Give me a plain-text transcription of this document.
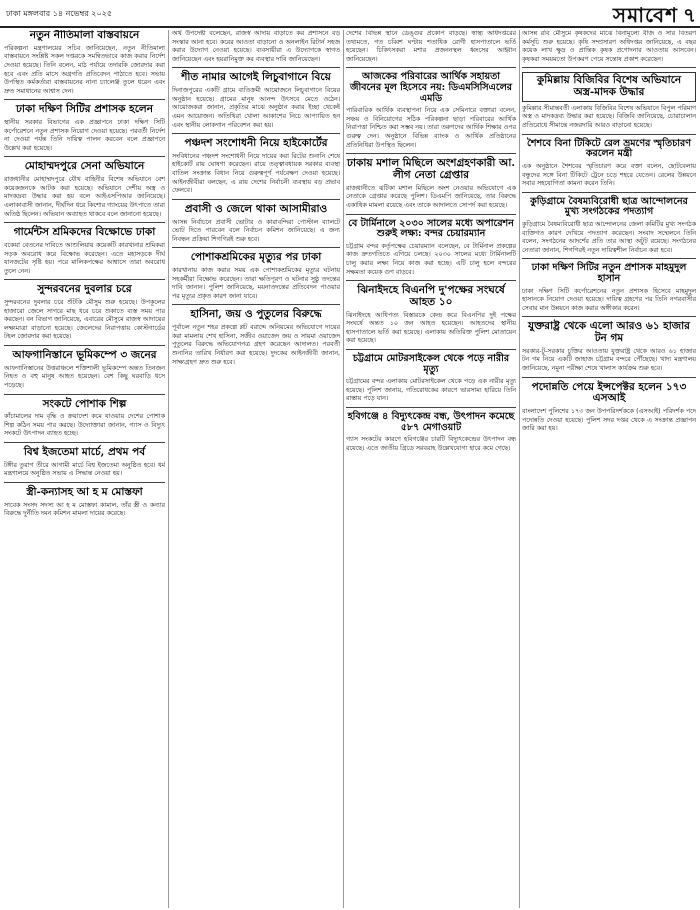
ঢাকা মঙ্গলবার ১৪ নভেম্বর ২০২৫	সমাবেশ ৭
নতুন নীতিমালা বাস্তবায়নে

পরিকল্পনা মন্ত্রণালয়ের সচিব জানিয়েছেন, নতুন নীতিমালা বাস্তবায়নে সংশ্লিষ্ট সকল দপ্তরকে সমন্বিতভাবে কাজ করার নির্দেশ দেওয়া হয়েছে। তিনি বলেন, মাঠ পর্যায়ে তদারকি জোরদার করা হবে এবং প্রতি মাসে অগ্রগতি প্রতিবেদন পাঠাতে হবে। সভায় উপস্থিত কর্মকর্তারা বাস্তবায়নের নানা চ্যালেঞ্জ তুলে ধরেন এবং দ্রুত সমাধানের আশ্বাস দেন।

ঢাকা দক্ষিণ সিটির প্রশাসক হলেন

স্থানীয় সরকার বিভাগের এক প্রজ্ঞাপনে ঢাকা দক্ষিণ সিটি কর্পোরেশনে নতুন প্রশাসক নিয়োগ দেওয়া হয়েছে। পরবর্তী নির্দেশ না দেওয়া পর্যন্ত তিনি দায়িত্ব পালন করবেন বলে প্রজ্ঞাপনে উল্লেখ করা হয়েছে।

মোহাম্মদপুরে সেনা অভিযানে

রাজধানীর মোহাম্মদপুরে যৌথ বাহিনীর বিশেষ অভিযানে বেশ কয়েকজনকে আটক করা হয়েছে। অভিযানে দেশীয় অস্ত্র ও মাদকদ্রব্য উদ্ধার করা হয় বলে আইএসপিআর জানিয়েছে। এলাকাবাসী জানান, দীর্ঘদিন ধরে কিশোর গ্যাংয়ের উৎপাতে তারা অতিষ্ঠ ছিলেন। অভিযান অব্যাহত থাকবে বলে জানানো হয়েছে।

গার্মেন্টস শ্রমিকদের বিক্ষোভে ঢাকা

বকেয়া বেতনের দাবিতে আশুলিয়ায় কয়েকটি কারখানার শ্রমিকরা সড়ক অবরোধ করে বিক্ষোভ করেছেন। এতে মহাসড়কে দীর্ঘ যানজটের সৃষ্টি হয়। পরে মালিকপক্ষের আশ্বাসে তারা অবরোধ তুলে নেন।

সুন্দরবনের দুবলার চরে

সুন্দরবনের দুবলার চরে শুঁটকি মৌসুম শুরু হয়েছে। উপকূলের হাজারো জেলে সাগরে মাছ ধরে চরে শুকাতে ব্যস্ত সময় পার করছেন। বন বিভাগ জানিয়েছে, এবারের মৌসুমে রাজস্ব আদায়ের লক্ষ্যমাত্রা বাড়ানো হয়েছে। জেলেদের নিরাপত্তায় কোস্টগার্ডের টহল জোরদার করা হয়েছে।

আফগানিস্তানে ভূমিকম্পে ৩ জনের

আফগানিস্তানের উত্তরাঞ্চলে শক্তিশালী ভূমিকম্পে অন্তত তিনজন নিহত ও বহু মানুষ আহত হয়েছেন। বেশ কিছু ঘরবাড়ি ধসে পড়েছে।

সংকটে পোশাক শিল্প

কাঁচামালের দাম বৃদ্ধি ও ক্রয়াদেশ কমে যাওয়ায় দেশের পোশাক শিল্প কঠিন সময় পার করছে। উদ্যোক্তারা জানান, গ্যাস ও বিদ্যুৎ সংকটে উৎপাদন ব্যাহত হচ্ছে।

বিশ্ব ইজতেমা মার্চে, প্রথম পর্ব

টঙ্গীর তুরাগ তীরে আগামী মার্চে বিশ্ব ইজতেমা অনুষ্ঠিত হবে। ধর্ম মন্ত্রণালয়ে অনুষ্ঠিত সভায় এ সিদ্ধান্ত নেওয়া হয়।

স্ত্রী-কন্যাসহ আ হ ম মোস্তফা

সাবেক সংসদ সদস্য আ হ ম মোস্তফা কামাল, তাঁর স্ত্রী ও কন্যার বিরুদ্ধে দুর্নীতি দমন কমিশন মামলা দায়ের করেছে।

অর্থ উপদেষ্টা বলেছেন, রাজস্ব আদায় বাড়াতে কর প্রশাসনে বড় সংস্কার আনা হবে। করের আওতা বাড়ানো ও অনলাইন রিটার্ন সহজ করার উদ্যোগ নেওয়া হয়েছে। ব্যবসায়ীরা এ উদ্যোগকে স্বাগত জানিয়েছেন এবং হয়রানিমুক্ত কর ব্যবস্থার দাবি জানিয়েছেন।

শীত নামার আগেই লিচুবাগানে বিয়ে

দিনাজপুরের একটি গ্রামে ব্যতিক্রমী আয়োজনে লিচুবাগানে বিয়ের অনুষ্ঠান হয়েছে। গ্রামের মানুষ আনন্দ উৎসবে মেতে ওঠেন। আয়োজকরা জানান, প্রকৃতির মাঝে অনুষ্ঠান করার ইচ্ছা থেকেই এমন আয়োজন। অতিথিরা খোলা আকাশের নিচে আপ্যায়িত হন এবং স্থানীয় লোকগান পরিবেশন করা হয়।

পঞ্চদশ সংশোধনী নিয়ে হাইকোর্টের

সংবিধানের পঞ্চদশ সংশোধনী নিয়ে দায়ের করা রিটের শুনানি শেষে হাইকোর্ট রায় ঘোষণা করেছেন। রায়ে তত্ত্বাবধায়ক সরকার ব্যবস্থা বাতিল সংক্রান্ত বিধান নিয়ে গুরুত্বপূর্ণ পর্যবেক্ষণ দেওয়া হয়েছে। আইনজীবীরা বলছেন, এ রায় দেশের নির্বাচনী ব্যবস্থায় বড় প্রভাব ফেলবে।

প্রবাসী ও জেলে থাকা আসামীরাও

আসন্ন নির্বাচনে প্রবাসী ভোটার ও কারাবন্দিরা পোস্টাল ব্যালটে ভোট দিতে পারবেন বলে নির্বাচন কমিশন জানিয়েছে। এ জন্য নিবন্ধন প্রক্রিয়া শিগগিরই শুরু হবে।

পোশাকশ্রমিকের মৃত্যুর পর ঢাকা

কারখানায় কাজ করার সময় এক পোশাকশ্রমিকের মৃত্যুর ঘটনায় সহকর্মীরা বিক্ষোভ করেছেন। তারা ক্ষতিপূরণ ও ঘটনার সুষ্ঠু তদন্তের দাবি জানান। পুলিশ জানিয়েছে, ময়নাতদন্তের প্রতিবেদন পাওয়ার পর মৃত্যুর প্রকৃত কারণ জানা যাবে।

হাসিনা, জয় ও পুতুলের বিরুদ্ধে

পূর্বাচল নতুন শহর প্রকল্পে প্লট বরাদ্দে অনিয়মের অভিযোগে দায়ের করা মামলায় শেখ হাসিনা, সজীব ওয়াজেদ জয় ও সায়মা ওয়াজেদ পুতুলের বিরুদ্ধে অভিযোগপত্র গ্রহণ করেছেন আদালত। পরবর্তী শুনানির তারিখ নির্ধারণ করা হয়েছে। দুদকের আইনজীবী জানান, সাক্ষ্যগ্রহণ দ্রুত শুরু হবে।

দেশের বিভিন্ন স্থানে ডেঙ্গুর প্রকোপ বাড়ছে। স্বাস্থ্য অধিদপ্তরের তথ্যমতে, গত চব্বিশ ঘণ্টায় শতাধিক রোগী হাসপাতালে ভর্তি হয়েছেন। চিকিৎসকরা মশার প্রজননস্থল ধ্বংসের আহ্বান জানিয়েছেন।

আজকের পরিবারের আর্থিক সহায়তা জীবনের মূল হিসেবে নয়: ডিএমসিসিএলের এমডি

পারিবারিক আর্থিক ব্যবস্থাপনা নিয়ে এক সেমিনারে বক্তারা বলেন, সঞ্চয় ও বিনিয়োগের সঠিক পরিকল্পনা ছাড়া পরিবারের আর্থিক নিরাপত্তা নিশ্চিত করা সম্ভব নয়। তারা তরুণদের আর্থিক শিক্ষার ওপর গুরুত্ব দেন। অনুষ্ঠানে বিভিন্ন ব্যাংক ও আর্থিক প্রতিষ্ঠানের প্রতিনিধিরা উপস্থিত ছিলেন।

ঢাকায় মশাল মিছিলে অংশগ্রহণকারী আ. লীগ নেতা গ্রেপ্তার

রাজধানীতে ঝটিকা মশাল মিছিলে অংশ নেওয়ার অভিযোগে এক নেতাকে গ্রেপ্তার করেছে পুলিশ। ডিএমপি জানিয়েছে, তার বিরুদ্ধে একাধিক মামলা রয়েছে এবং তাকে আদালতে সোপর্দ করা হয়েছে।

বে টার্মিনালে ২০৩০ সালের মধ্যে অপারেশন শুরুই লক্ষ্য: বন্দর চেয়ারম্যান

চট্টগ্রাম বন্দর কর্তৃপক্ষের চেয়ারম্যান বলেছেন, বে টার্মিনাল প্রকল্পের কাজ দ্রুতগতিতে এগিয়ে চলছে। ২০৩০ সালের মধ্যে টার্মিনালটি চালু করার লক্ষ্য নিয়ে কাজ করা হচ্ছে। এটি চালু হলে বন্দরের সক্ষমতা কয়েক গুণ বাড়বে।

ঝিনাইদহে বিএনপি দু'পক্ষের সংঘর্ষে আহত ১০

ঝিনাইদহে আধিপত্য বিস্তারকে কেন্দ্র করে বিএনপির দুই পক্ষের সংঘর্ষে অন্তত ১০ জন আহত হয়েছেন। আহতদের স্থানীয় হাসপাতালে ভর্তি করা হয়েছে। এলাকায় অতিরিক্ত পুলিশ মোতায়েন করা হয়েছে।

চট্টগ্রামে মোটরসাইকেল থেকে পড়ে নারীর মৃত্যু

চট্টগ্রামের বন্দর এলাকায় মোটরসাইকেল থেকে পড়ে এক নারীর মৃত্যু হয়েছে। পুলিশ জানায়, গতিরোধকের কারণে ভারসাম্য হারিয়ে তিনি রাস্তায় পড়ে যান।

হবিগঞ্জে ৪ বিদ্যুৎকেন্দ্র বন্ধ, উৎপাদন কমেছে ৫৮৭ মেগাওয়াট

গ্যাস সংকটের কারণে হবিগঞ্জের চারটি বিদ্যুৎকেন্দ্রের উৎপাদন বন্ধ রয়েছে। এতে জাতীয় গ্রিডে সরবরাহ উল্লেখযোগ্য হারে কমে গেছে।

আসন্ন রবি মৌসুমে কৃষকদের মাঝে বিনামূল্যে বীজ ও সার বিতরণ কর্মসূচি শুরু হয়েছে। কৃষি সম্প্রসারণ অধিদপ্তর জানিয়েছে, এ বছর কয়েক লাখ ক্ষুদ্র ও প্রান্তিক কৃষক প্রণোদনার আওতায় আসবেন। কৃষকরা সময়মতো উপকরণ পেয়ে সন্তোষ প্রকাশ করেছেন।

কুমিল্লায় বিজিবির বিশেষ অভিযানে অস্ত্র-মাদক উদ্ধার

কুমিল্লার সীমান্তবর্তী এলাকায় বিজিবির বিশেষ অভিযানে বিপুল পরিমাণ অস্ত্র ও মাদকদ্রব্য উদ্ধার করা হয়েছে। বিজিবি জানিয়েছে, চোরাচালান প্রতিরোধে সীমান্তে নজরদারি আরও বাড়ানো হয়েছে।

শৈশবে বিনা টিকিটে রেল ভ্রমণের স্মৃতিচারণ করলেন মন্ত্রী

এক অনুষ্ঠানে শৈশবের স্মৃতিচারণ করে বক্তা বলেন, ছোটবেলায় বন্ধুদের সঙ্গে বিনা টিকিটে ট্রেনে চড়ে শহরে যেতেন। রেলের উন্নয়নে সবার সহযোগিতা কামনা করেন তিনি।

কুড়িগ্রামে বৈষম্যবিরোধী ছাত্র আন্দোলনের মুখ্য সংগঠকের পদত্যাগ

কুড়িগ্রামে বৈষম্যবিরোধী ছাত্র আন্দোলনের জেলা কমিটির মুখ্য সংগঠক ব্যক্তিগত কারণ দেখিয়ে পদত্যাগ করেছেন। সংবাদ সম্মেলনে তিনি বলেন, সংগঠনের আদর্শের প্রতি তার আস্থা অটুট রয়েছে। সংগঠনের নেতারা জানান, শিগগিরই নতুন দায়িত্বশীল নির্বাচন করা হবে।

ঢাকা দক্ষিণ সিটির নতুন প্রশাসক মাহমুদুল হাসান

ঢাকা দক্ষিণ সিটি কর্পোরেশনের নতুন প্রশাসক হিসেবে মাহমুদুল হাসানকে নিয়োগ দেওয়া হয়েছে। দায়িত্ব গ্রহণের পর তিনি নগরবাসীর সেবার মান উন্নয়নে কাজ করার অঙ্গীকার করেন।

যুক্তরাষ্ট্র থেকে এলো আরও ৬১ হাজার টন গম

সরকার-টু-সরকার চুক্তির আওতায় যুক্তরাষ্ট্র থেকে আরও ৬১ হাজার টন গম নিয়ে একটি জাহাজ চট্টগ্রাম বন্দরে পৌঁছেছে। খাদ্য মন্ত্রণালয় জানিয়েছে, নমুনা পরীক্ষা শেষে খালাস কার্যক্রম শুরু হবে।

পদোন্নতি পেয়ে ইন্সপেক্টর হলেন ১৭৩ এসআই

বাংলাদেশ পুলিশের ১৭৩ জন উপপরিদর্শককে (এসআই) পরিদর্শক পদে পদোন্নতি দেওয়া হয়েছে। পুলিশ সদর দপ্তর থেকে এ সংক্রান্ত প্রজ্ঞাপন জারি করা হয়।
